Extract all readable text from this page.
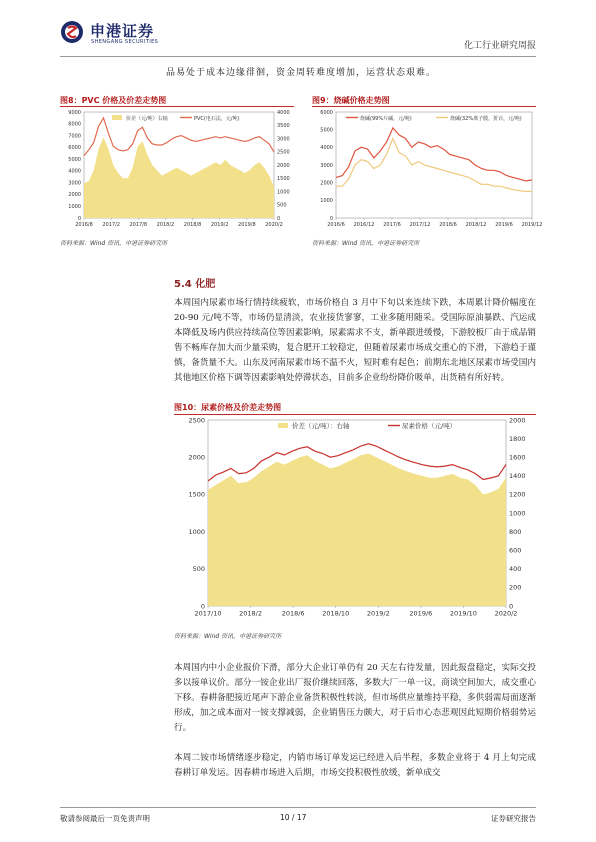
申港证券
SHENGANG SECURITIES	化工行业研究周报
品易处于成本边缘徘徊，资金周转难度增加，运营状态艰难。
图8：PVC 价格及价差走势图
0
1000
2000
3000
4000
5000
6000
7000
8000
9000
0
500
1000
1500
2000
2500
3000
3500
4000
2016/8 2017/2 2017/8 2018/2 2018/8 2019/2 2019/8 2020/2
价差（元/吨）右轴	PVC(电石法，元/吨)
资料来源：Wind 资讯，申港证券研究所
图9：烧碱价格走势图
0
1000
2000
3000
4000
5000
6000
2016/6 2016/12 2017/6 2017/12 2018/6 2018/12 2019/6 2019/12
烧碱(99%片碱，元/吨)	烧碱(32%离子膜，折百，元/吨)
资料来源：Wind 资讯，申港证券研究所
5.4 化肥
本周国内尿素市场行情持续疲软，市场价格自 3 月中下旬以来连续下跌，本周累计降价幅度在 20-90 元/吨不等，市场仍显清淡，农业接货寥寥，工业多随用随采。受国际原油暴跌、汽运成本降低及场内供应持续高位等因素影响，尿素需求不支，新单跟进缓慢，下游胶板厂由于成品销售不畅库存加大而少量采购，复合肥开工较稳定，但随着尿素市场成交重心的下滑，下游趋于谨慎，备货量不大。山东及河南尿素市场不温不火，短时难有起色；前期东北地区尿素市场受国内其他地区价格下调等因素影响处停滞状态，目前多企业纷纷降价吸单，出货稍有所好转。
图10：尿素价格及价差走势图
0
500
1000
1500
2000
2500
0
200
400
600
800
1000
1200
1400
1600
1800
2000
2017/10	2018/2	2018/6	2018/10	2019/2	2019/6	2019/10	2020/2
价差（元/吨）：右轴	尿素价格（元/吨）
资料来源：Wind 资讯，申港证券研究所
本周国内中小企业报价下滑，部分大企业订单仍有 20 天左右待发量，因此报盘稳定，实际交投多以接单议价。部分一铵企业出厂报价继续回落，多数大厂一单一议，商谈空间加大，成交重心下移。春耕备肥接近尾声下游企业备货积极性转淡，但市场供应量维持平稳，多供弱需局面逐渐形成，加之成本面对一铵支撑减弱，企业销售压力颇大，对于后市心态悲观因此短期价格弱势运行。
本周二铵市场情绪逐步稳定，内销市场订单发运已经进入后半程，多数企业将于 4 月上旬完成春耕订单发运。因春耕市场进入后期，市场交投积极性放缓，新单成交
敬请参阅最后一页免责声明	10 / 17	证券研究报告
